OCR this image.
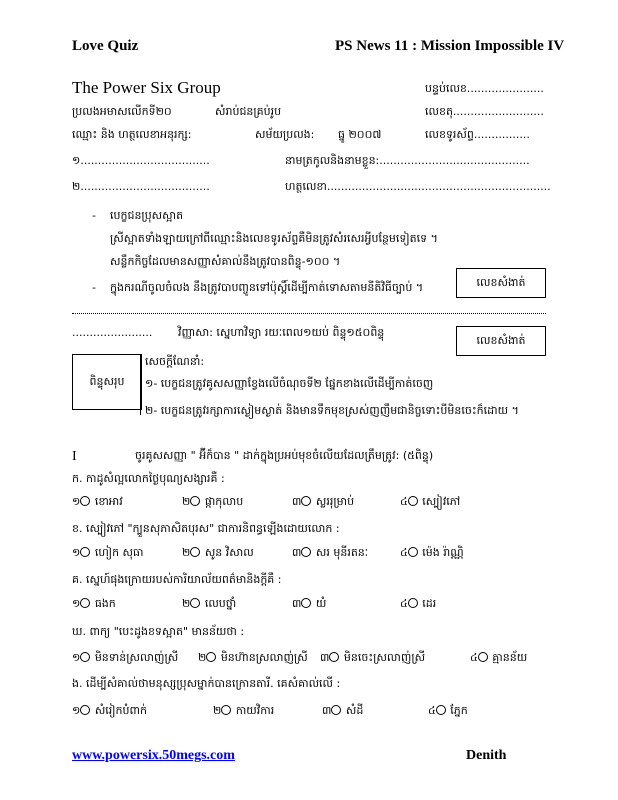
Love Quiz	PS News 11 : Mission Impossible IV
The Power Six Group	បន្ទប់លេខ......................
លេខតុ..........................
លេខទូរស័ព្ទ................
ប្រលងអមាសលើកទី២០	សំរាប់ជនគ្រប់រូប
ឈ្មោះ និង ហត្ថលេខាអនុរក្ស:	សម័យប្រលង: ធ្នូ ២០០៧
១.....................................	នាមត្រកូលនិងនាមខ្លួន:...........................................
២.....................................	ហត្ថលេខា................................................................
- បេក្ខជនប្រុសស្អាត
ស្រីស្អាតទាំងឡាយក្រៅពីឈ្មោះនិងលេខទូរស័ព្ទគឺមិនត្រូវសំរសេរអ្វីបន្ថែមទៀតទេ ។
សន្លឹកកិច្ចដែលមានសញ្ញាសំគាល់នឹងត្រូវបានពិន្ទុ-១០០ ។
- ក្នុងករណីចូលចំលង នឹងត្រូវបាបញ្ចូនទៅប៉ុស្តិ៍ដើម្បីកាត់ទោសតាមនីតិវិធីច្បាប់ ។	លេខសំងាត់
....................... វិញ្ញាសា: ស្នេហាវិទ្យា រយៈពេល១យប់ ពិន្ទុ១៥០ពិន្ទុ
លេខសំងាត់
ពិន្ទុសរុប
សេចក្តីណែនាំ:
១- បេក្ខជនត្រូវគូសសញ្ញាខ្វែងលើចំណុចទី២ ផ្នែកខាងលើដើម្បីកាត់ចេញ
២- បេក្ខជនត្រូវរក្សាការស្ងៀមស្ងាត់ និងមានទឹកមុខស្រស់ញញឹមជានិច្ចទោះបីមិនចេះក៏ដោយ ។
I	ចូរគូសសញ្ញា " អ៊ីក៏បាន " ដាក់ក្នុងប្រអប់មុខចំលើយដែលត្រឹមត្រូវ: (៥ពិន្ទុ)
ក. កាដូសំល្អលោកថ្ងៃបុណ្យសង្សារគឺ :
១ ខោអាវ	២ ផ្កាកុលាប	៣ ស្លររុម្រាប់	៤ ស្បៀវភៅ
ខ. ស្បៀវភៅ "ក្បួនសុភាសិតបុរស" ជាការនិពន្ធឡើងដោយលោក :
១ ហៀក សុធា	២ សូន វិសាល	៣ សរ មុនីរតនៈ	៤ ម៉េង រ៉ាណ្ណិ
គ. ស្នេហ៍ផុងក្រោយរបស់ការិយាល័យពត៌មានិងក្តីគឺ :
១ ធងក	២ លេបថ្នាំ	៣ យំ	៤ ដេរ
ឃ. ពាក្យ "បេះដូងខទស្អាត" មានន័យថា :
១ មិនទាន់ស្រលាញ់ស្រី ២ មិនហ៊ានស្រលាញ់ស្រី ៣ មិនចេះស្រលាញ់ស្រី	៤ គ្មានន័យ
ង. ដើម្បីសំគាល់ថាមនុស្សប្រុសម្នាក់បានក្រោនតារី. គេសំគាល់លើ :
១ សំរៀកបំពាក់	២ កាយវិការ	៣ សំដី	៤ ភ្នែក
www.powersix.50megs.com	Denith
